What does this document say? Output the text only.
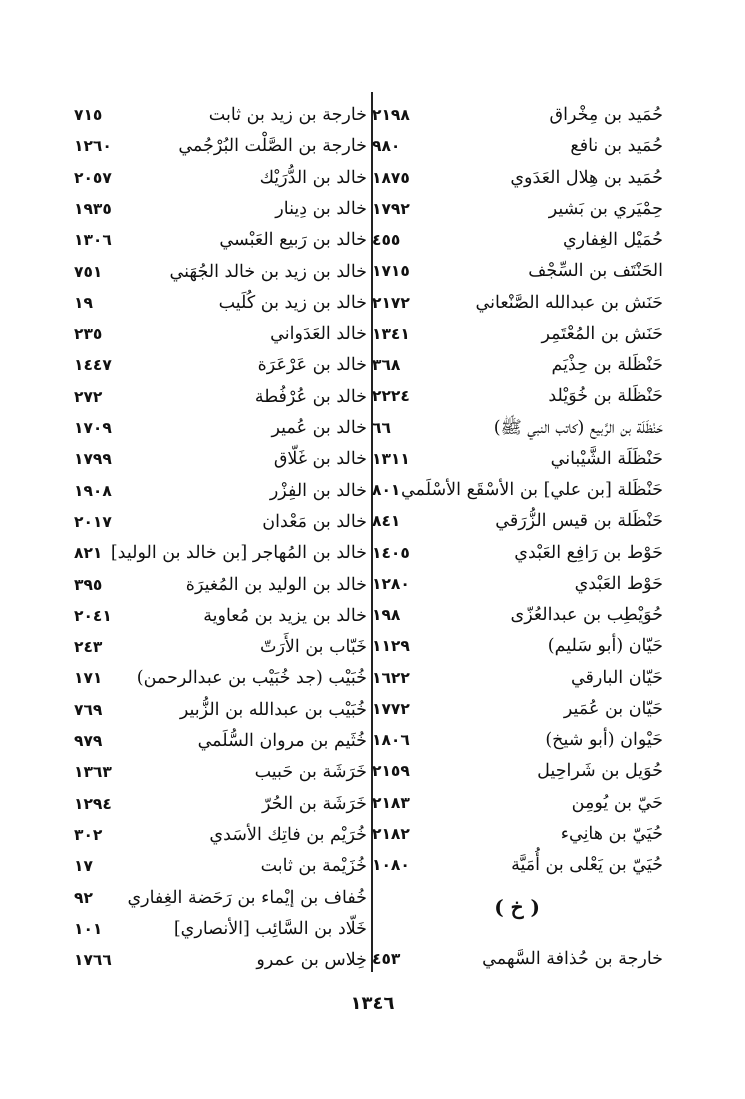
حُمَيد بن مِخْراق
٢١٩٨
حُمَيد بن نافع
٩٨٠
حُمَيد بن هِلال العَدَوي
١٨٧٥
حِمْيَري بن بَشير
١٧٩٢
حُمَيْل الغِفاري
٤٥٥
الحَنْتَف بن السِّجْف
١٧١٥
حَنَش بن عبدالله الصَّنْعاني
٢١٧٢
حَنَش بن المُعْتَمِر
١٣٤١
حَنْظَلة بن حِذْيَم
٣٦٨
حَنْظَلة بن خُوَيْلد
٢٢٢٤
حَنْظَلَة بن الرَّبيع (كاتب النبي ﷺ)
٦٦
حَنْظَلَة الشَّيْباني
١٣١١
حَنْظَلة [بن علي] بن الأسْقَع الأسْلَمي
٨٠١
حَنْظَلة بن قيس الزُّرَقي
٨٤١
حَوْط بن رَافِع العَبْدي
١٤٠٥
حَوْط العَبْدي
١٢٨٠
حُوَيْطِب بن عبدالعُزّى
١٩٨
حَيّان (أبو سَليم)
١١٢٩
حَيّان البارقي
١٦٢٢
حَيّان بن عُمَير
١٧٧٢
حَيْوان (أبو شيخ)
١٨٠٦
حُوَيل بن شَراحِيل
٢١٥٩
حَيّ بن يُومِن
٢١٨٣
حُيَيّ بن هانِيء
٢١٨٢
حُيَيّ بن يَعْلى بن أُمَيَّة
١٠٨٠
( خ )
خارجة بن حُذافة السَّهمي
٤٥٣
خارجة بن زيد بن ثابت
٧١٥
خارجة بن الصَّلْت البُرْجُمي
١٢٦٠
خالد بن الدُّرَيْك
٢٠٥٧
خالد بن دِينار
١٩٣٥
خالد بن رَبيع العَبْسي
١٣٠٦
خالد بن زيد بن خالد الجُهَني
٧٥١
خالد بن زيد بن كُلَيب
١٩
خالد العَدَواني
٢٣٥
خالد بن عَرْعَرَة
١٤٤٧
خالد بن عُرْفُطة
٢٧٢
خالد بن عُمير
١٧٠٩
خالد بن غَلّاق
١٧٩٩
خالد بن الفِزْر
١٩٠٨
خالد بن مَعْدان
٢٠١٧
خالد بن المُهاجر [بن خالد بن الوليد]
٨٢١
خالد بن الوليد بن المُغيرَة
٣٩٥
خالد بن يزيد بن مُعاوية
٢٠٤١
خَبّاب بن الأَرَتّ
٢٤٣
خُبَيْب (جد خُبَيْب بن عبدالرحمن)
١٧١
خُبَيْب بن عبدالله بن الزُّبير
٧٦٩
خُثَيم بن مروان السُّلَمي
٩٧٩
خَرَشَة بن حَبيب
١٣٦٣
خَرَشَة بن الحُرّ
١٢٩٤
خُرَيْم بن فاتِك الأسَدي
٣٠٢
خُزَيْمة بن ثابت
١٧
خُفاف بن إيْماء بن رَحَضة الغِفاري
٩٢
خَلّاد بن السَّائِب [الأنصاري]
١٠١
خِلاس بن عمرو
١٧٦٦
١٣٤٦
